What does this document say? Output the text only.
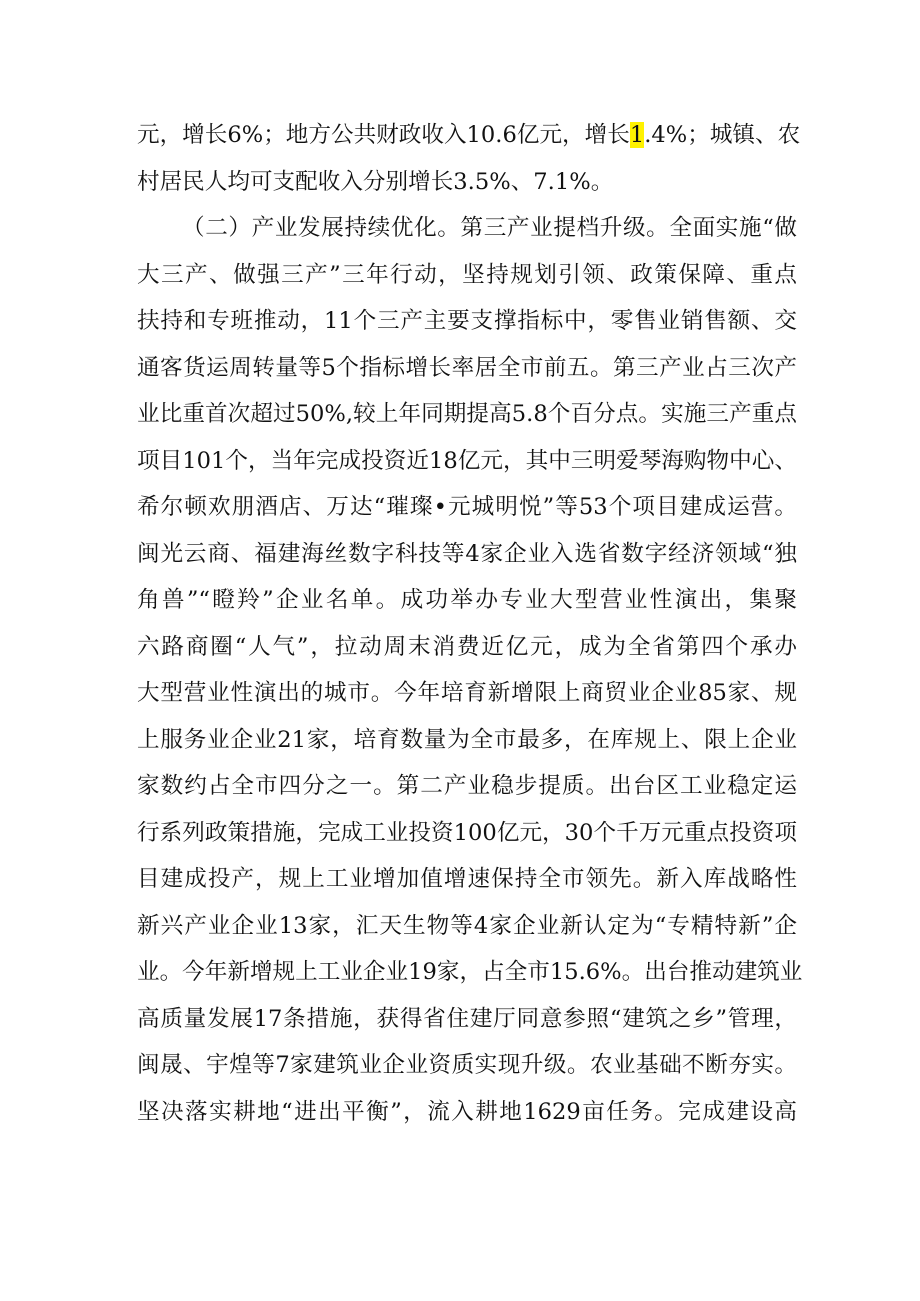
元，增长6%；地方公共财政收入10.6亿元，增长1.4%；城镇、农
村居民人均可支配收入分别增长3.5%、7.1%。
（二）产业发展持续优化。第三产业提档升级。全面实施“做
大三产、做强三产”三年行动，坚持规划引领、政策保障、重点
扶持和专班推动，11个三产主要支撑指标中，零售业销售额、交
通客货运周转量等5个指标增长率居全市前五。第三产业占三次产
业比重首次超过50%,较上年同期提高5.8个百分点。实施三产重点
项目101个，当年完成投资近18亿元，其中三明爱琴海购物中心、
希尔顿欢朋酒店、万达“璀璨•元城明悦”等53个项目建成运营。
闽光云商、福建海丝数字科技等4家企业入选省数字经济领域“独
角兽”“瞪羚”企业名单。成功举办专业大型营业性演出，集聚
六路商圈“人气”，拉动周末消费近亿元，成为全省第四个承办
大型营业性演出的城市。今年培育新增限上商贸业企业85家、规
上服务业企业21家，培育数量为全市最多，在库规上、限上企业
家数约占全市四分之一。第二产业稳步提质。出台区工业稳定运
行系列政策措施，完成工业投资100亿元，30个千万元重点投资项
目建成投产，规上工业增加值增速保持全市领先。新入库战略性
新兴产业企业13家，汇天生物等4家企业新认定为“专精特新”企
业。今年新增规上工业企业19家，占全市15.6%。出台推动建筑业
高质量发展17条措施，获得省住建厅同意参照“建筑之乡”管理，
闽晟、宇煌等7家建筑业企业资质实现升级。农业基础不断夯实。
坚决落实耕地“进出平衡”，流入耕地1629亩任务。完成建设高
